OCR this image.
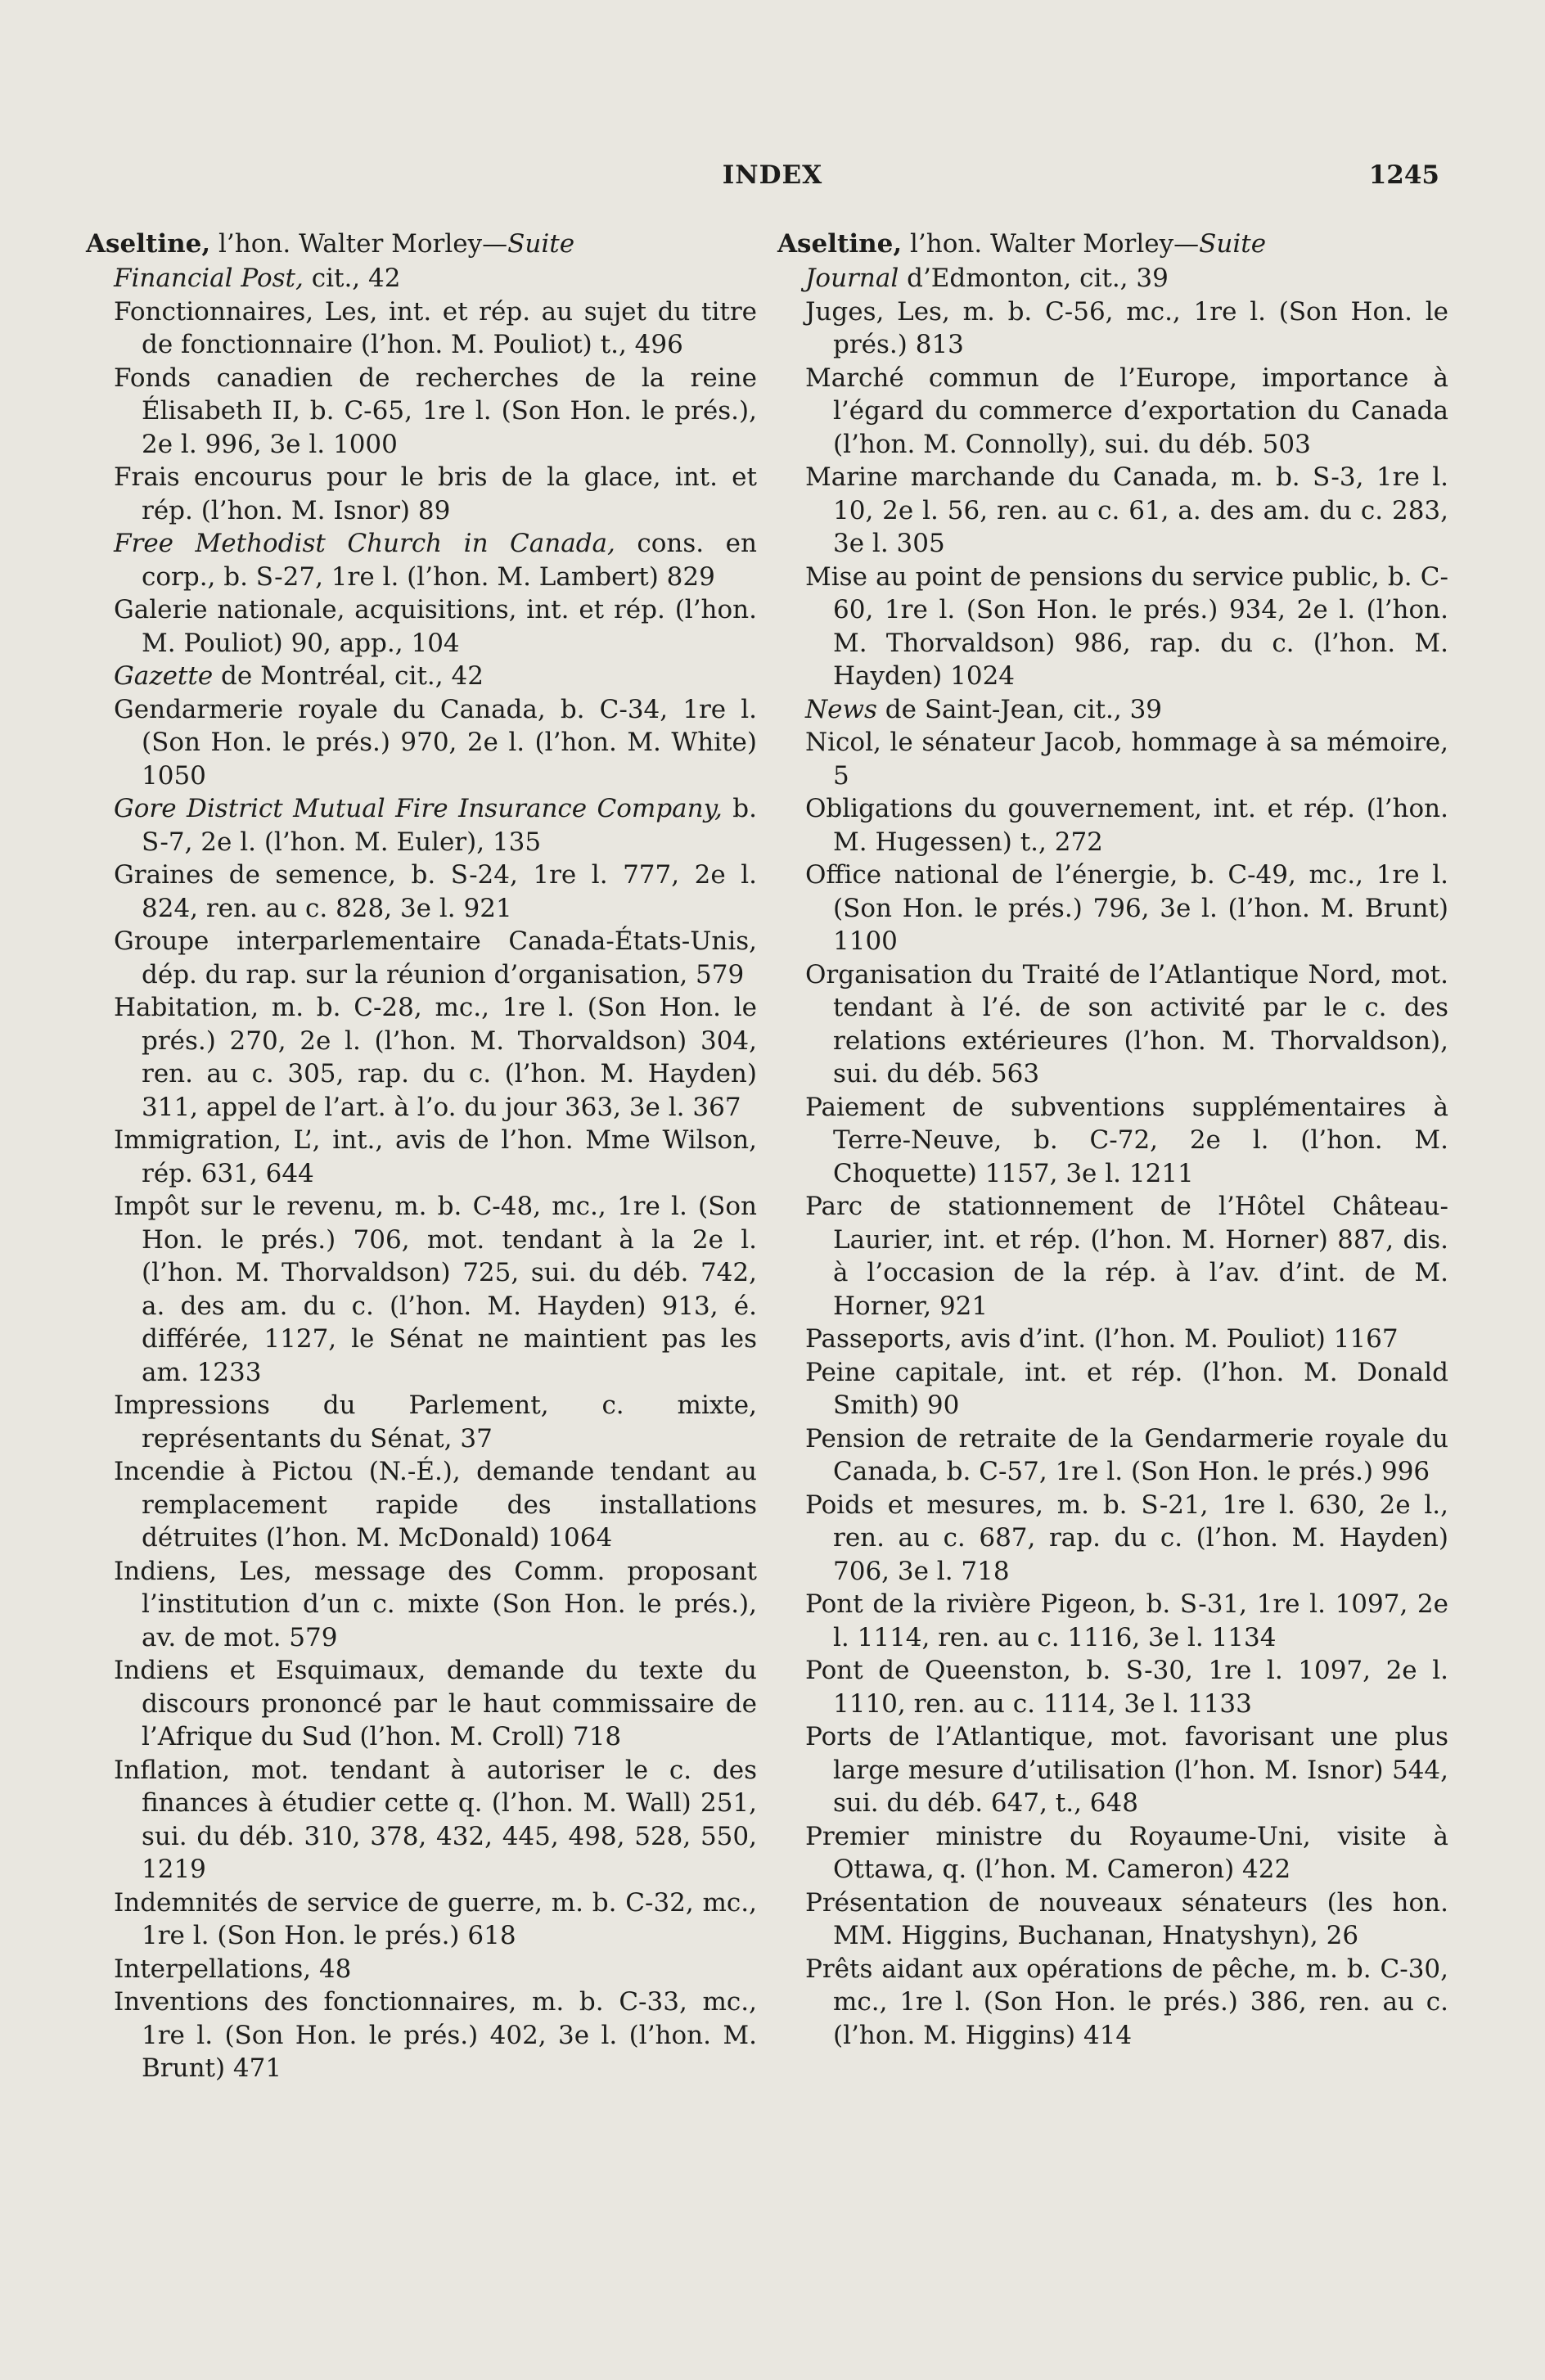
INDEX	1245
Aseltine, l’hon. Walter Morley—Suite
Financial Post, cit., 42
Fonctionnaires, Les, int. et rép. au sujet du titre de fonctionnaire (l’hon. M. Pouliot) t., 496
Fonds canadien de recherches de la reine Élisabeth II, b. C-65, 1re l. (Son Hon. le prés.), 2e l. 996, 3e l. 1000
Frais encourus pour le bris de la glace, int. et rép. (l’hon. M. Isnor) 89
Free Methodist Church in Canada, cons. en corp., b. S-27, 1re l. (l’hon. M. Lambert) 829
Galerie nationale, acquisitions, int. et rép. (l’hon. M. Pouliot) 90, app., 104
Gazette de Montréal, cit., 42
Gendarmerie royale du Canada, b. C-34, 1re l. (Son Hon. le prés.) 970, 2e l. (l’hon. M. White) 1050
Gore District Mutual Fire Insurance Company, b. S-7, 2e l. (l’hon. M. Euler), 135
Graines de semence, b. S-24, 1re l. 777, 2e l. 824, ren. au c. 828, 3e l. 921
Groupe interparlementaire Canada-États-Unis, dép. du rap. sur la réunion d’organisation, 579
Habitation, m. b. C-28, mc., 1re l. (Son Hon. le prés.) 270, 2e l. (l’hon. M. Thorvaldson) 304, ren. au c. 305, rap. du c. (l’hon. M. Hayden) 311, appel de l’art. à l’o. du jour 363, 3e l. 367
Immigration, L’, int., avis de l’hon. Mme Wilson, rép. 631, 644
Impôt sur le revenu, m. b. C-48, mc., 1re l. (Son Hon. le prés.) 706, mot. tendant à la 2e l. (l’hon. M. Thorvaldson) 725, sui. du déb. 742, a. des am. du c. (l’hon. M. Hayden) 913, é. différée, 1127, le Sénat ne maintient pas les am. 1233
Impressions du Parlement, c. mixte, représentants du Sénat, 37
Incendie à Pictou (N.-É.), demande tendant au remplacement rapide des installations détruites (l’hon. M. McDonald) 1064
Indiens, Les, message des Comm. proposant l’institution d’un c. mixte (Son Hon. le prés.), av. de mot. 579
Indiens et Esquimaux, demande du texte du discours prononcé par le haut commissaire de l’Afrique du Sud (l’hon. M. Croll) 718
Inflation, mot. tendant à autoriser le c. des finances à étudier cette q. (l’hon. M. Wall) 251, sui. du déb. 310, 378, 432, 445, 498, 528, 550, 1219
Indemnités de service de guerre, m. b. C-32, mc., 1re l. (Son Hon. le prés.) 618
Interpellations, 48
Inventions des fonctionnaires, m. b. C-33, mc., 1re l. (Son Hon. le prés.) 402, 3e l. (l’hon. M. Brunt) 471
Aseltine, l’hon. Walter Morley—Suite
Journal d’Edmonton, cit., 39
Juges, Les, m. b. C-56, mc., 1re l. (Son Hon. le prés.) 813
Marché commun de l’Europe, importance à l’égard du commerce d’exportation du Canada (l’hon. M. Connolly), sui. du déb. 503
Marine marchande du Canada, m. b. S-3, 1re l. 10, 2e l. 56, ren. au c. 61, a. des am. du c. 283, 3e l. 305
Mise au point de pensions du service public, b. C-60, 1re l. (Son Hon. le prés.) 934, 2e l. (l’hon. M. Thorvaldson) 986, rap. du c. (l’hon. M. Hayden) 1024
News de Saint-Jean, cit., 39
Nicol, le sénateur Jacob, hommage à sa mémoire, 5
Obligations du gouvernement, int. et rép. (l’hon. M. Hugessen) t., 272
Office national de l’énergie, b. C-49, mc., 1re l. (Son Hon. le prés.) 796, 3e l. (l’hon. M. Brunt) 1100
Organisation du Traité de l’Atlantique Nord, mot. tendant à l’é. de son activité par le c. des relations extérieures (l’hon. M. Thorvaldson), sui. du déb. 563
Paiement de subventions supplémentaires à Terre-Neuve, b. C-72, 2e l. (l’hon. M. Choquette) 1157, 3e l. 1211
Parc de stationnement de l’Hôtel Château-Laurier, int. et rép. (l’hon. M. Horner) 887, dis. à l’occasion de la rép. à l’av. d’int. de M. Horner, 921
Passeports, avis d’int. (l’hon. M. Pouliot) 1167
Peine capitale, int. et rép. (l’hon. M. Donald Smith) 90
Pension de retraite de la Gendarmerie royale du Canada, b. C-57, 1re l. (Son Hon. le prés.) 996
Poids et mesures, m. b. S-21, 1re l. 630, 2e l., ren. au c. 687, rap. du c. (l’hon. M. Hayden) 706, 3e l. 718
Pont de la rivière Pigeon, b. S-31, 1re l. 1097, 2e l. 1114, ren. au c. 1116, 3e l. 1134
Pont de Queenston, b. S-30, 1re l. 1097, 2e l. 1110, ren. au c. 1114, 3e l. 1133
Ports de l’Atlantique, mot. favorisant une plus large mesure d’utilisation (l’hon. M. Isnor) 544, sui. du déb. 647, t., 648
Premier ministre du Royaume-Uni, visite à Ottawa, q. (l’hon. M. Cameron) 422
Présentation de nouveaux sénateurs (les hon. MM. Higgins, Buchanan, Hnatyshyn), 26
Prêts aidant aux opérations de pêche, m. b. C-30, mc., 1re l. (Son Hon. le prés.) 386, ren. au c. (l’hon. M. Higgins) 414
